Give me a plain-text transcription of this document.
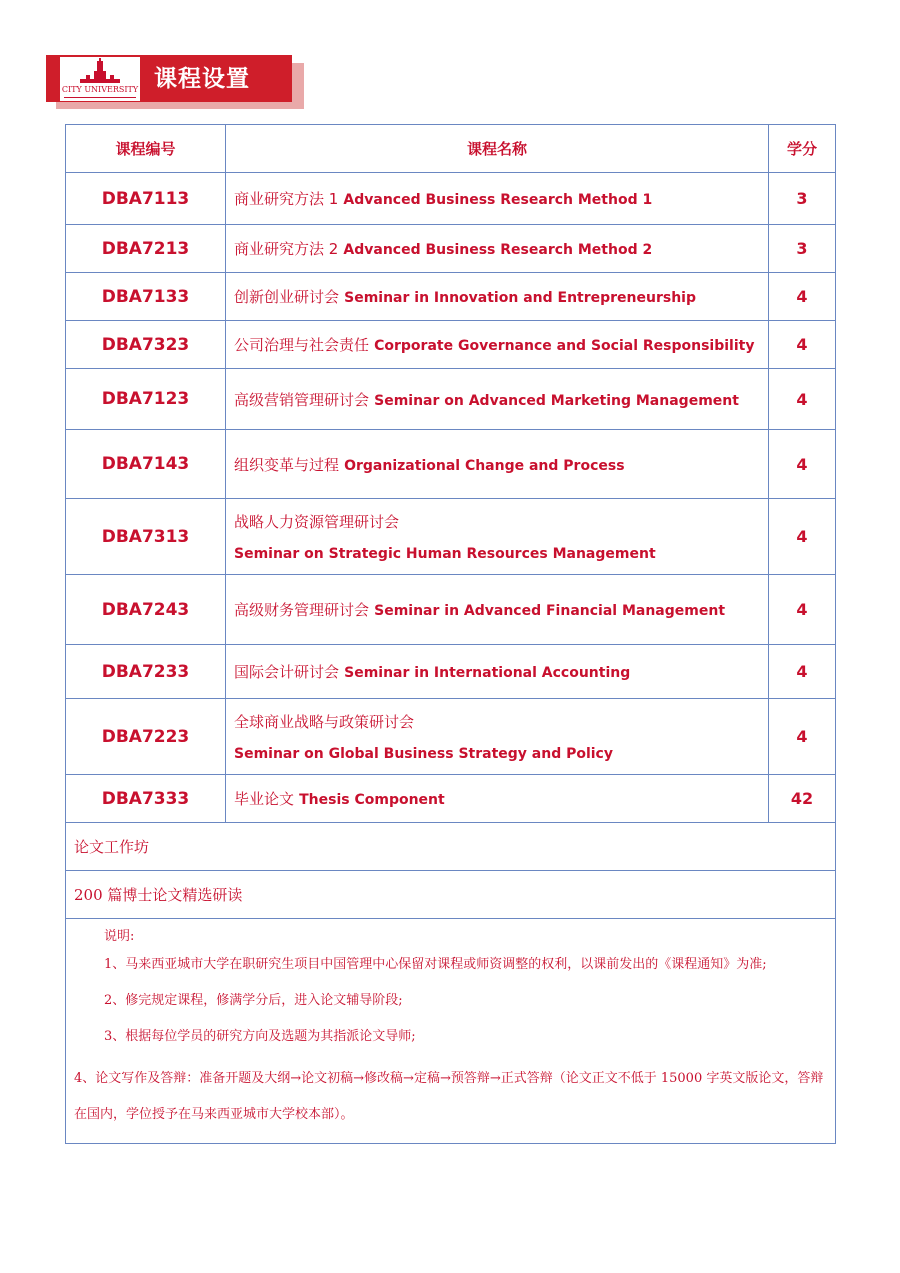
CITY UNIVERSITY 课程设置
课程编号	课程名称	学分
DBA7113	商业研究方法 1 Advanced Business Research Method 1	3
DBA7213	商业研究方法 2 Advanced Business Research Method 2	3
DBA7133	创新创业研讨会 Seminar in Innovation and Entrepreneurship	4
DBA7323	公司治理与社会责任 Corporate Governance and Social Responsibility	4
DBA7123	高级营销管理研讨会 Seminar on Advanced Marketing Management	4
DBA7143	组织变革与过程 Organizational Change and Process	4
DBA7313	战略人力资源管理研讨会
Seminar on Strategic Human Resources Management	4
DBA7243	高级财务管理研讨会 Seminar in Advanced Financial Management	4
DBA7233	国际会计研讨会 Seminar in International Accounting	4
DBA7223	全球商业战略与政策研讨会
Seminar on Global Business Strategy and Policy	4
DBA7333	毕业论文 Thesis Component	42
论文工作坊		
200 篇博士论文精选研读		

说明:
1、马来西亚城市大学在职研究生项目中国管理中心保留对课程或师资调整的权利，以课前发出的《课程通知》为准;
2、修完规定课程，修满学分后，进入论文辅导阶段;
3、根据每位学员的研究方向及选题为其指派论文导师;
4、论文写作及答辩：准备开题及大纲→论文初稿→修改稿→定稿→预答辩→正式答辩（论文正文不低于 15000 字英文版论文，答辩在国内，学位授予在马来西亚城市大学校本部）。		
